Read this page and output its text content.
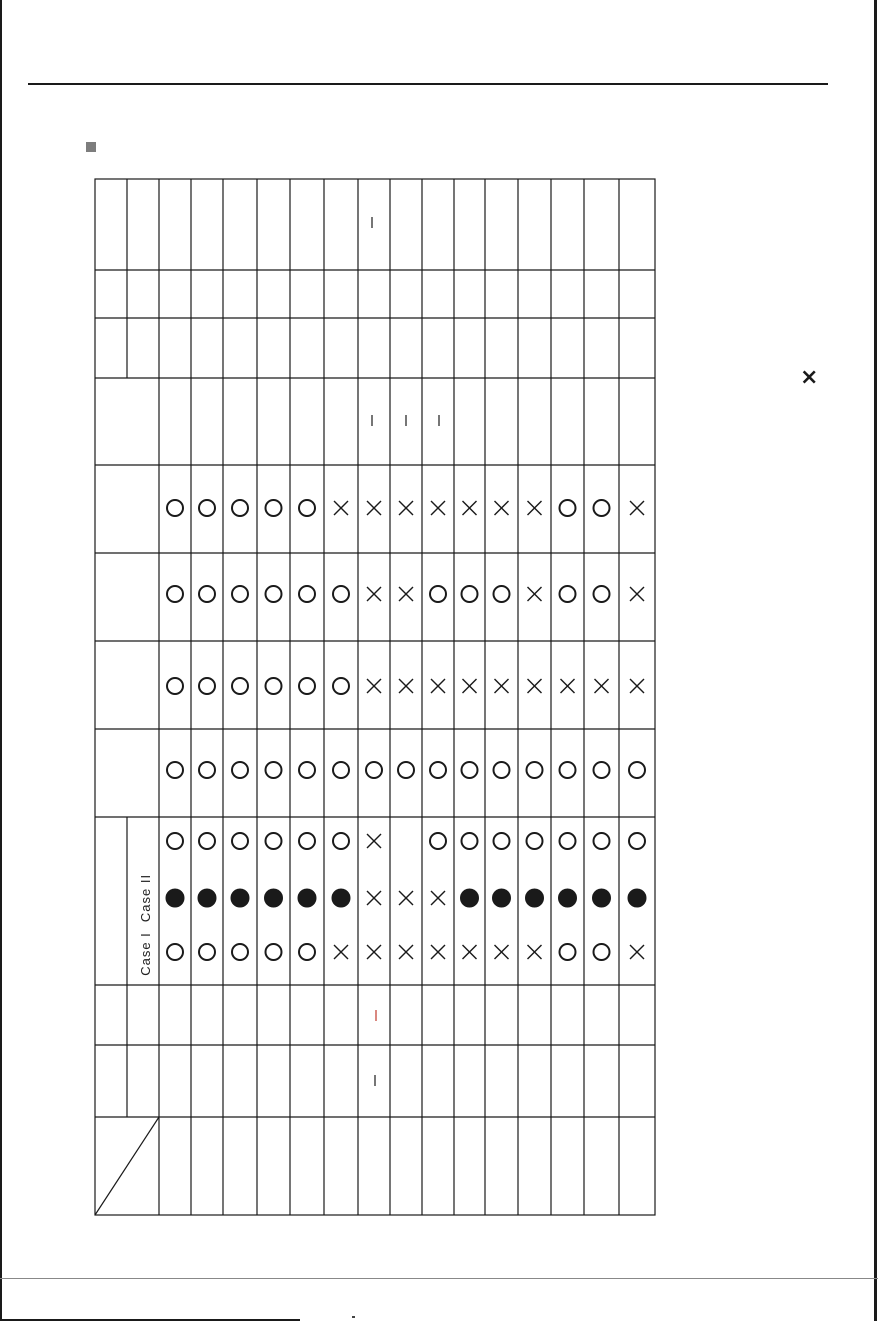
×
Case II
Case I
